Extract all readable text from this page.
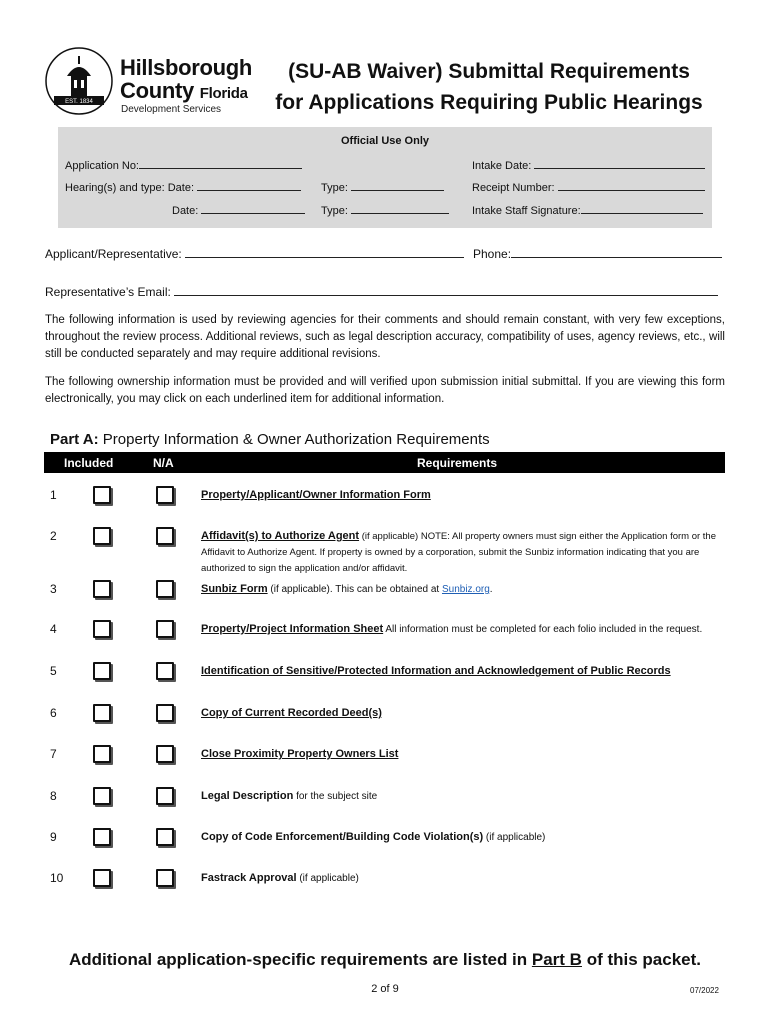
EST. 1834
Hillsborough
County Florida
Development Services
(SU-AB Waiver) Submittal Requirements
for Applications Requiring Public Hearings
Official Use Only
Application No:
Hearing(s) and type: Date:	Type:
Date:	Type:
Intake Date:
Receipt Number:
Intake Staff Signature:
Applicant/Representative:	Phone:
Representative’s Email:
The following information is used by reviewing agencies for their comments and should remain constant, with very few exceptions, throughout the review process. Additional reviews, such as legal description accuracy, compatibility of uses, agency reviews, etc., will still be conducted separately and may require additional revisions.
The following ownership information must be provided and will verified upon submission initial submittal. If you are viewing this form electronically, you may click on each underlined item for additional information.
Part A: Property Information & Owner Authorization Requirements
Included	N/A	Requirements
1	Property/Applicant/Owner Information Form
2	Affidavit(s) to Authorize Agent (if applicable) NOTE: All property owners must sign either the Application form or the Affidavit to Authorize Agent. If property is owned by a corporation, submit the Sunbiz information indicating that you are authorized to sign the application and/or affidavit.
3	Sunbiz Form (if applicable). This can be obtained at Sunbiz.org.
4	Property/Project Information Sheet All information must be completed for each folio included in the request.
5	Identification of Sensitive/Protected Information and Acknowledgement of Public Records
6	Copy of Current Recorded Deed(s)
7	Close Proximity Property Owners List
8	Legal Description for the subject site
9	Copy of Code Enforcement/Building Code Violation(s) (if applicable)
10	Fastrack Approval (if applicable)
Additional application-specific requirements are listed in Part B of this packet.
2 of 9	07/2022
